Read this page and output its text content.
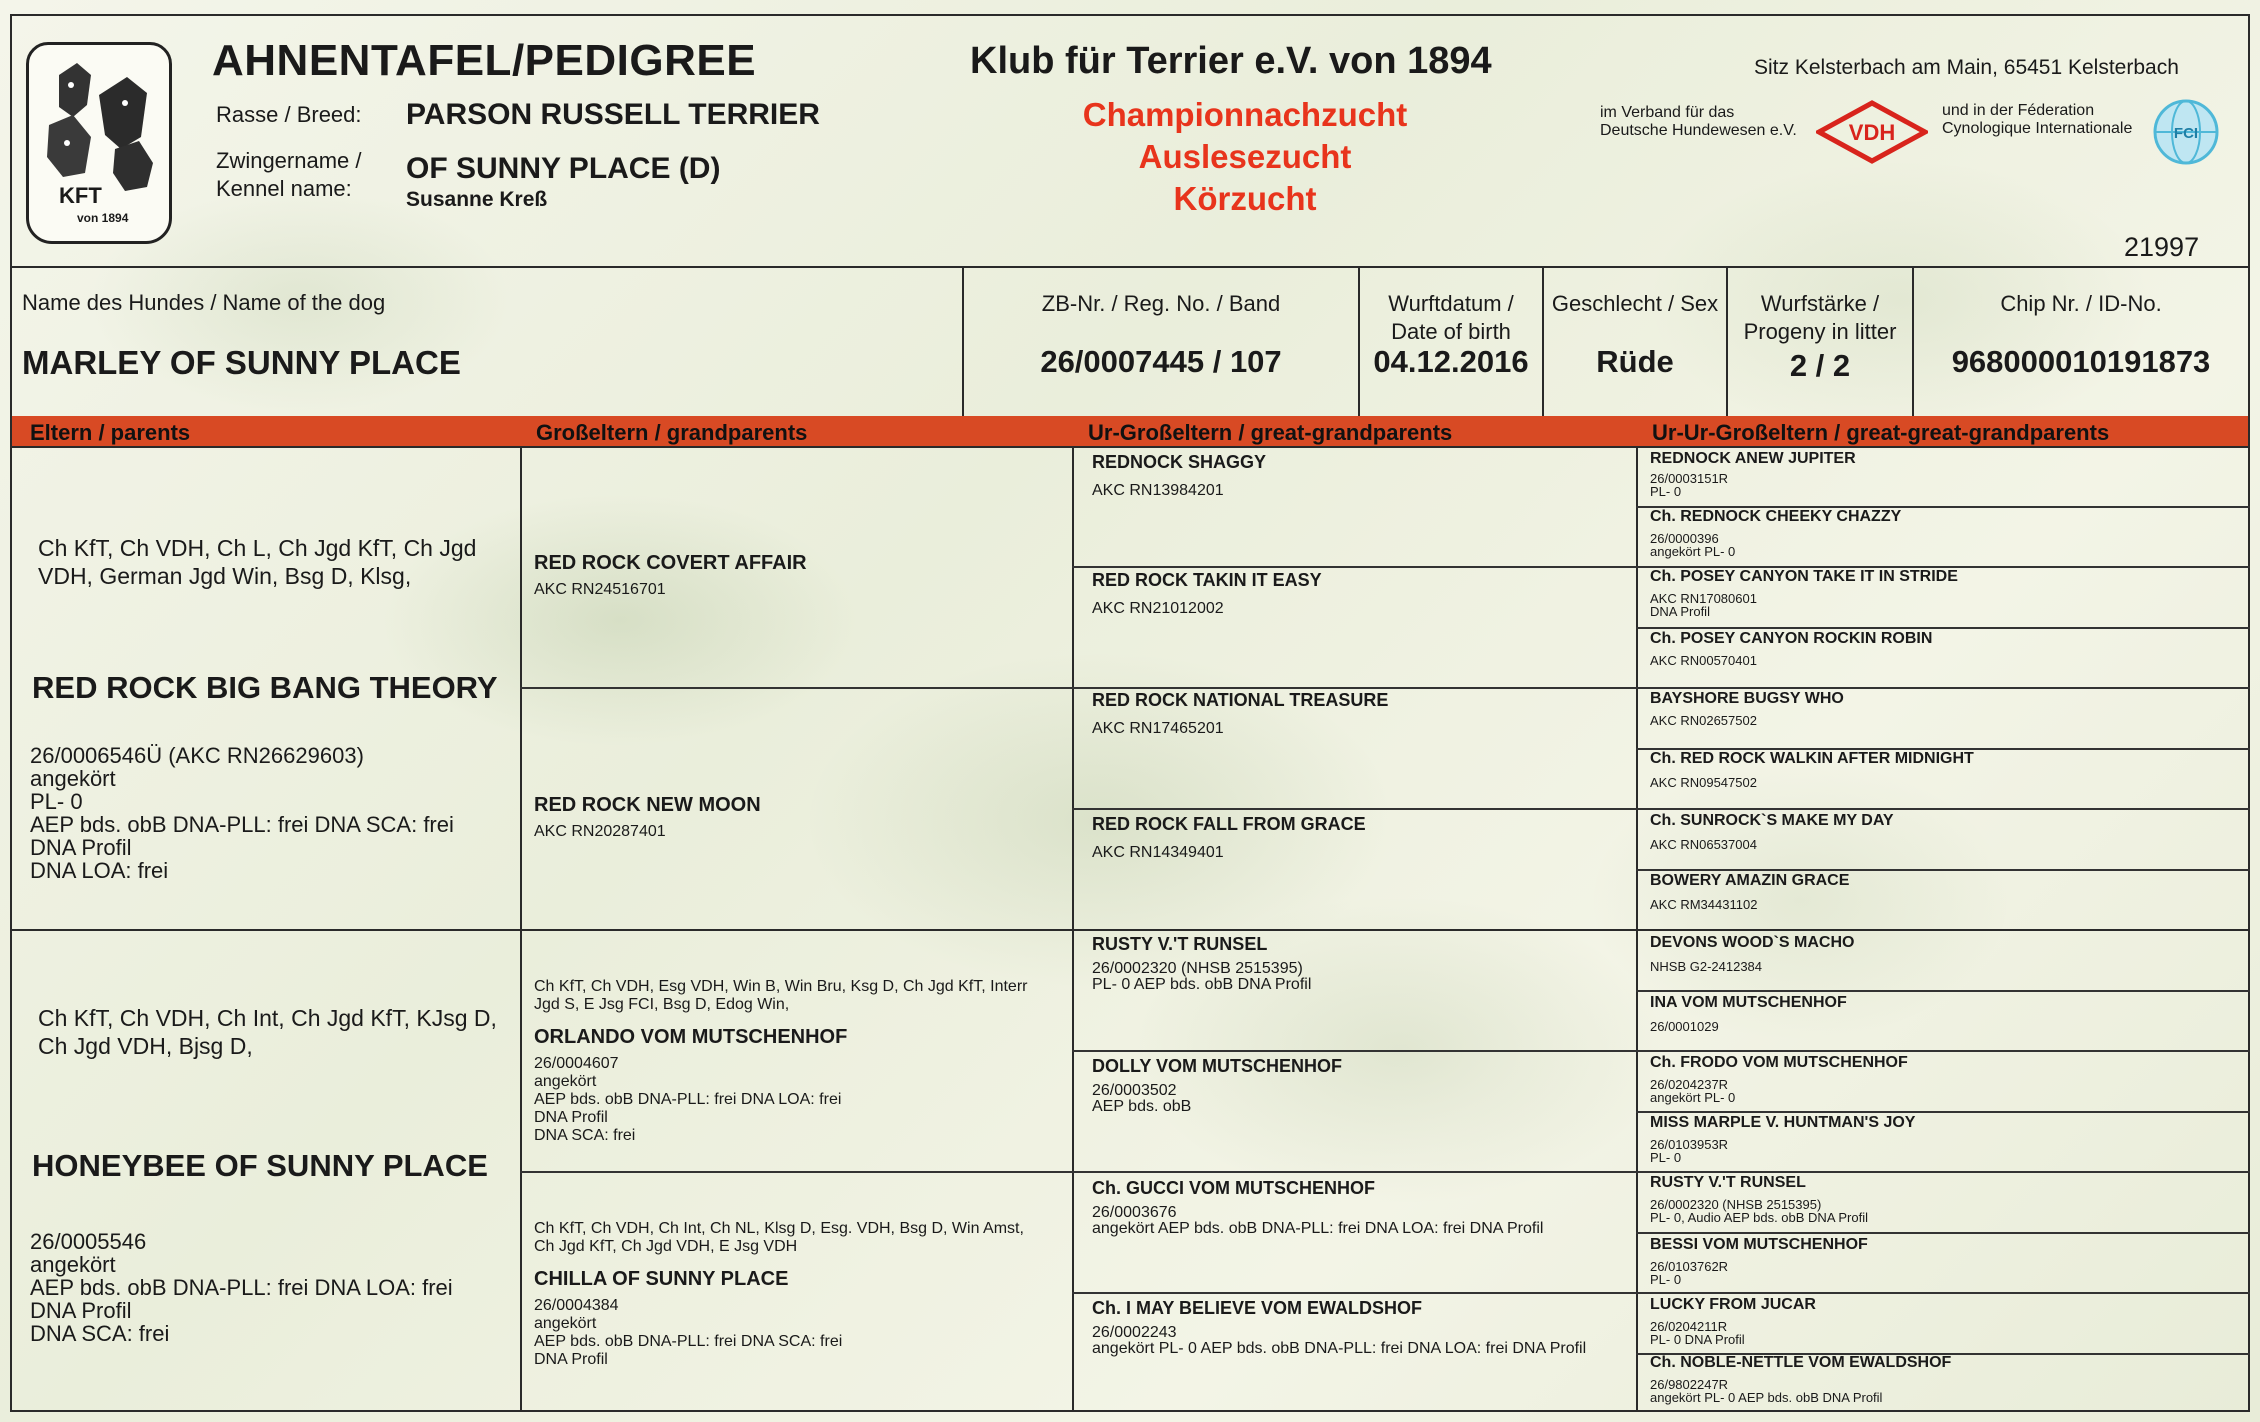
KFT
von 1894
AHNENTAFEL/PEDIGREE
Rasse / Breed: PARSON RUSSELL TERRIER
Zwingername /
Kennel name:
OF SUNNY PLACE (D)
Susanne Kreß
Klub für Terrier e.V. von 1894
Championnachzucht
Auslesezucht
Körzucht
Sitz Kelsterbach am Main, 65451 Kelsterbach
im Verband für das
Deutsche Hundewesen e.V. VDH
und in der Féderation
Cynologique Internationale	FCI
21997
Name des Hundes / Name of the dog
MARLEY OF SUNNY PLACE
ZB-Nr. / Reg. No. / Band
26/0007445 / 107
Wurftdatum /
Date of birth
04.12.2016
Geschlecht / Sex
Rüde
Wurfstärke /
Progeny in litter
2 / 2
Chip Nr. / ID-No.
968000010191873
Eltern / parents	Großeltern / grandparents	Ur-Großeltern / great-grandparents	Ur-Ur-Großeltern / great-great-grandparents
Ch KfT, Ch VDH, Ch L, Ch Jgd KfT, Ch Jgd
VDH, German Jgd Win, Bsg D, Klsg,
RED ROCK BIG BANG THEORY
26/0006546Ü (AKC RN26629603)
angekört
PL- 0
AEP bds. obB DNA-PLL: frei DNA SCA: frei
DNA Profil
DNA LOA: frei
Ch KfT, Ch VDH, Ch Int, Ch Jgd KfT, KJsg D,
Ch Jgd VDH, Bjsg D,
HONEYBEE OF SUNNY PLACE
26/0005546
angekört
AEP bds. obB DNA-PLL: frei DNA LOA: frei
DNA Profil
DNA SCA: frei
RED ROCK COVERT AFFAIR
AKC RN24516701
RED ROCK NEW MOON
AKC RN20287401
Ch KfT, Ch VDH, Esg VDH, Win B, Win Bru, Ksg D, Ch Jgd KfT, Interr
Jgd S, E Jsg FCI, Bsg D, Edog Win,
ORLANDO VOM MUTSCHENHOF
26/0004607
angekört
AEP bds. obB DNA-PLL: frei DNA LOA: frei
DNA Profil
DNA SCA: frei
Ch KfT, Ch VDH, Ch Int, Ch NL, Klsg D, Esg. VDH, Bsg D, Win Amst,
Ch Jgd KfT, Ch Jgd VDH, E Jsg VDH
CHILLA OF SUNNY PLACE
26/0004384
angekört
AEP bds. obB DNA-PLL: frei DNA SCA: frei
DNA Profil
REDNOCK SHAGGY
AKC RN13984201
RED ROCK TAKIN IT EASY
AKC RN21012002
RED ROCK NATIONAL TREASURE
AKC RN17465201
RED ROCK FALL FROM GRACE
AKC RN14349401
RUSTY V.'T RUNSEL
26/0002320 (NHSB 2515395)
PL- 0 AEP bds. obB DNA Profil
DOLLY VOM MUTSCHENHOF
26/0003502
AEP bds. obB
Ch. GUCCI VOM MUTSCHENHOF
26/0003676
angekört AEP bds. obB DNA-PLL: frei DNA LOA: frei DNA Profil
Ch. I MAY BELIEVE VOM EWALDSHOF
26/0002243
angekört PL- 0 AEP bds. obB DNA-PLL: frei DNA LOA: frei DNA Profil
REDNOCK ANEW JUPITER
26/0003151R
PL- 0
Ch. REDNOCK CHEEKY CHAZZY
26/0000396
angekört PL- 0
Ch. POSEY CANYON TAKE IT IN STRIDE
AKC RN17080601
DNA Profil
Ch. POSEY CANYON ROCKIN ROBIN
AKC RN00570401
BAYSHORE BUGSY WHO
AKC RN02657502
Ch. RED ROCK WALKIN AFTER MIDNIGHT
AKC RN09547502
Ch. SUNROCK`S MAKE MY DAY
AKC RN06537004
BOWERY AMAZIN GRACE
AKC RM34431102
DEVONS WOOD`S MACHO
NHSB G2-2412384
INA VOM MUTSCHENHOF
26/0001029
Ch. FRODO VOM MUTSCHENHOF
26/0204237R
angekört PL- 0
MISS MARPLE V. HUNTMAN'S JOY
26/0103953R
PL- 0
RUSTY V.'T RUNSEL
26/0002320 (NHSB 2515395)
PL- 0, Audio AEP bds. obB DNA Profil
BESSI VOM MUTSCHENHOF
26/0103762R
PL- 0
LUCKY FROM JUCAR
26/0204211R
PL- 0 DNA Profil
Ch. NOBLE-NETTLE VOM EWALDSHOF
26/9802247R
angekört PL- 0 AEP bds. obB DNA Profil
